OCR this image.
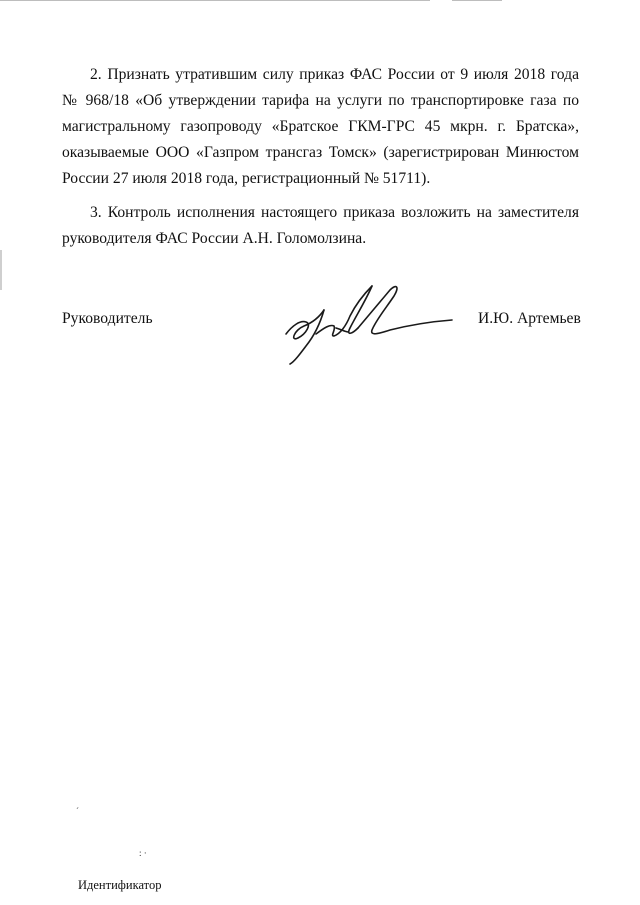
2. Признать утратившим силу приказ ФАС России от 9 июля 2018 года
№ 968/18 «Об утверждении тарифа на услуги по транспортировке газа по
магистральному газопроводу «Братское ГКМ-ГРС 45 мкрн. г. Братска»,
оказываемые ООО «Газпром трансгаз Томск» (зарегистрирован Минюстом
России 27 июля 2018 года, регистрационный № 51711).
3. Контроль исполнения настоящего приказа возложить на заместителя
руководителя ФАС России А.Н. Голомолзина.
Руководитель	И.Ю. Артемьев
´
: ·
Идентификатор
